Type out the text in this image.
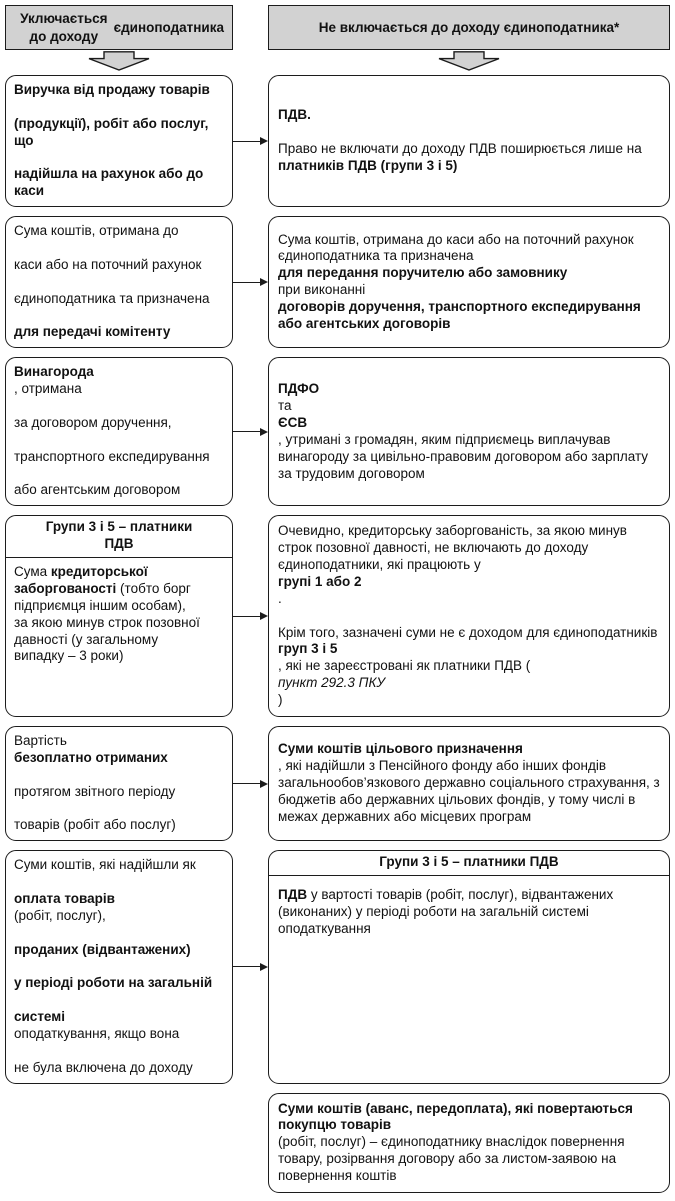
Уключається до доходу

єдиноподатника	Не включається до доходу єдиноподатника*
Виручка від продажу товарів

(продукції), робіт або послуг, що

надійшла на рахунок або до каси
ПДВ.

Право не включати до доходу ПДВ поширюється лише на
платників ПДВ (групи 3 і 5)
Сума коштів, отримана до

каси або на поточний рахунок

єдиноподатника та призначена

для передачі комітенту
Сума коштів, отримана до каси або на поточний рахунок єдиноподатника та призначена
для передання поручителю або замовнику
при виконанні
договорів доручення, транспортного експедирування або агентських договорів
Винагорода
, отримана

за договором доручення,

транспортного експедирування

або агентським договором
ПДФО
та
ЄСВ
, утримані з громадян, яким підприємець виплачував винагороду за цивільно-правовим договором або зарплату за трудовим договором
Групи 3 і 5 – платники
ПДВ
Сума кредиторської
заборгованості (тобто борг
підприємця іншим особам),
за якою минув строк позовної
давності (у загальному
випадку – 3 роки)
Очевидно, кредиторську заборгованість, за якою минув строк позовної давності, не включають до доходу єдиноподатники, які працюють у
групі 1 або 2
.

Крім того, зазначені суми не є доходом для єдиноподатників
груп 3 і 5
, які не зареєстровані як платники ПДВ (
пункт 292.3 ПКУ
)
Вартість
безоплатно отриманих

протягом звітного періоду

товарів (робіт або послуг)
Суми коштів цільового призначення
, які надійшли з Пенсійного фонду або інших фондів загальнообов’язкового державно соціального страхування, з бюджетів або державних цільових фондів, у тому числі в межах державних або місцевих програм
Суми коштів, які надійшли як

оплата товарів
(робіт, послуг),

проданих (відвантажених)

у періоді роботи на загальній

системі
оподаткування, якщо вона

не була включена до доходу
Групи 3 і 5 – платники ПДВ
ПДВ у вартості товарів (робіт, послуг), відвантажених (виконаних) у періоді роботи на загальній системі оподаткування
Суми коштів (аванс, передоплата), які повертаються покупцю товарів
(робіт, послуг) – єдиноподатнику внаслідок повернення товару, розірвання договору або за листом-заявою на повернення коштів
